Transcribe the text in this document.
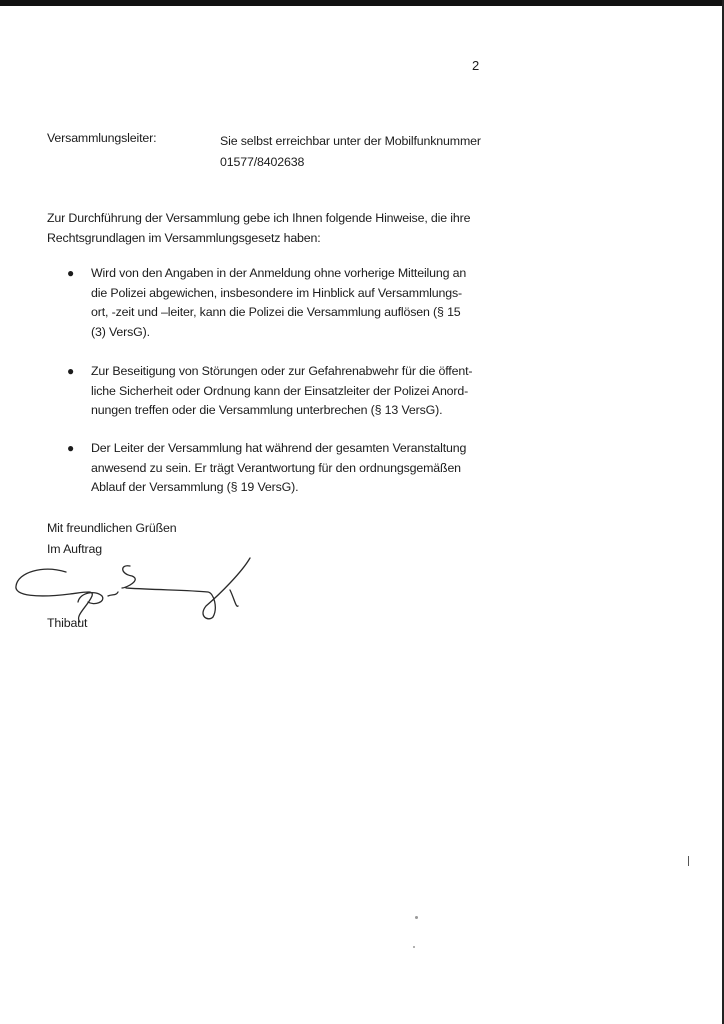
2
Versammlungsleiter:	Sie selbst erreichbar unter der Mobilfunknummer
01577/8402638
Zur Durchführung der Versammlung gebe ich Ihnen folgende Hinweise, die ihre
Rechtsgrundlagen im Versammlungsgesetz haben:
● Wird von den Angaben in der Anmeldung ohne vorherige Mitteilung an
die Polizei abgewichen, insbesondere im Hinblick auf Versammlungs-
ort, -zeit und –leiter, kann die Polizei die Versammlung auflösen (§ 15
(3) VersG).
● Zur Beseitigung von Störungen oder zur Gefahrenabwehr für die öffent-
liche Sicherheit oder Ordnung kann der Einsatzleiter der Polizei Anord-
nungen treffen oder die Versammlung unterbrechen (§ 13 VersG).
● Der Leiter der Versammlung hat während der gesamten Veranstaltung
anwesend zu sein. Er trägt Verantwortung für den ordnungsgemäßen
Ablauf der Versammlung (§ 19 VersG).
Mit freundlichen Grüßen
Im Auftrag
Thibaut
